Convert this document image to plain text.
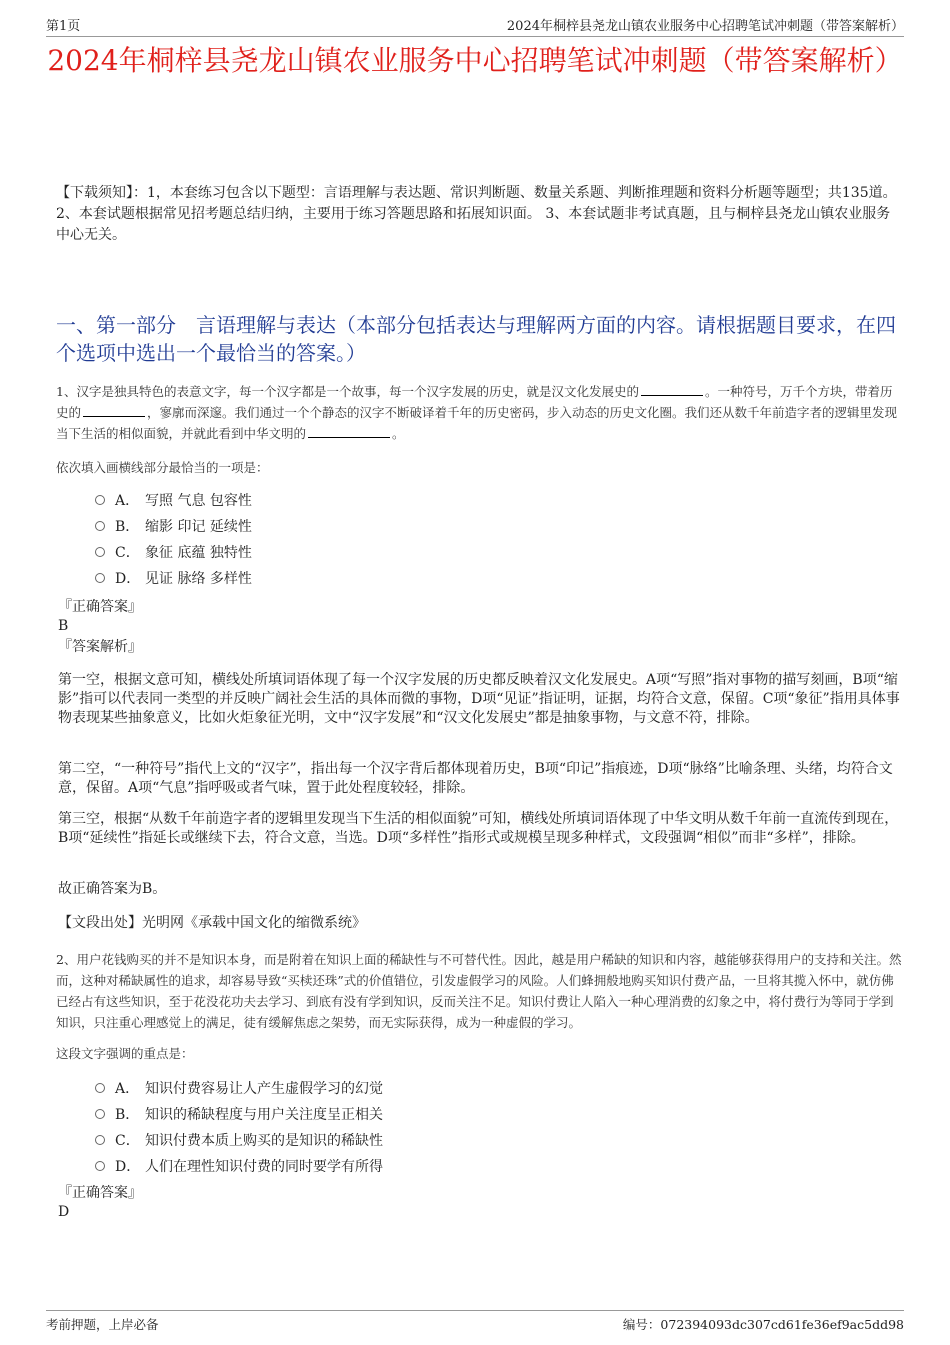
第1页	2024年桐梓县尧龙山镇农业服务中心招聘笔试冲刺题（带答案解析）
2024年桐梓县尧龙山镇农业服务中心招聘笔试冲刺题（带答案解析）
【下载须知】：1，本套练习包含以下题型：言语理解与表达题、常识判断题、数量关系题、判断推理题和资料分析题等题型；共135道。 2、本套试题根据常见招考题总结归纳，主要用于练习答题思路和拓展知识面。 3、本套试题非考试真题，且与桐梓县尧龙山镇农业服务中心无关。
一、第一部分　言语理解与表达（本部分包括表达与理解两方面的内容。请根据题目要求，在四个选项中选出一个最恰当的答案。）
1、汉字是独具特色的表意文字，每一个汉字都是一个故事，每一个汉字发展的历史，就是汉文化发展史的	。一种符号，万千个方块，带着历史的	，寥廓而深邃。我们通过一个个静态的汉字不断破译着千年的历史密码，步入动态的历史文化圈。我们还从数千年前造字者的逻辑里发现当下生活的相似面貌，并就此看到中华文明的	。
依次填入画横线部分最恰当的一项是：
A． 写照 气息 包容性
B． 缩影 印记 延续性
C． 象征 底蕴 独特性
D． 见证 脉络 多样性
『正确答案』
B
『答案解析』
第一空，根据文意可知，横线处所填词语体现了每一个汉字发展的历史都反映着汉文化发展史。A项“写照”指对事物的描写刻画，B项“缩影”指可以代表同一类型的并反映广阔社会生活的具体而微的事物，D项“见证”指证明，证据，均符合文意，保留。C项“象征”指用具体事物表现某些抽象意义，比如火炬象征光明，文中“汉字发展”和“汉文化发展史”都是抽象事物，与文意不符，排除。
第二空，“一种符号”指代上文的“汉字”，指出每一个汉字背后都体现着历史，B项“印记”指痕迹，D项“脉络”比喻条理、头绪，均符合文意，保留。A项“气息”指呼吸或者气味，置于此处程度较轻，排除。
第三空，根据“从数千年前造字者的逻辑里发现当下生活的相似面貌”可知，横线处所填词语体现了中华文明从数千年前一直流传到现在，B项“延续性”指延长或继续下去，符合文意，当选。D项“多样性”指形式或规模呈现多种样式，文段强调“相似”而非“多样”，排除。
故正确答案为B。
【文段出处】光明网《承载中国文化的缩微系统》
2、用户花钱购买的并不是知识本身，而是附着在知识上面的稀缺性与不可替代性。因此，越是用户稀缺的知识和内容，越能够获得用户的支持和关注。然而，这种对稀缺属性的追求，却容易导致“买椟还珠”式的价值错位，引发虚假学习的风险。人们蜂拥般地购买知识付费产品，一旦将其揽入怀中，就仿佛已经占有这些知识，至于花没花功夫去学习、到底有没有学到知识，反而关注不足。知识付费让人陷入一种心理消费的幻象之中，将付费行为等同于学到知识，只注重心理感觉上的满足，徒有缓解焦虑之架势，而无实际获得，成为一种虚假的学习。
这段文字强调的重点是：
A． 知识付费容易让人产生虚假学习的幻觉
B． 知识的稀缺程度与用户关注度呈正相关
C． 知识付费本质上购买的是知识的稀缺性
D． 人们在理性知识付费的同时要学有所得
『正确答案』
D
考前押题，上岸必备	编号：072394093dc307cd61fe36ef9ac5dd98
